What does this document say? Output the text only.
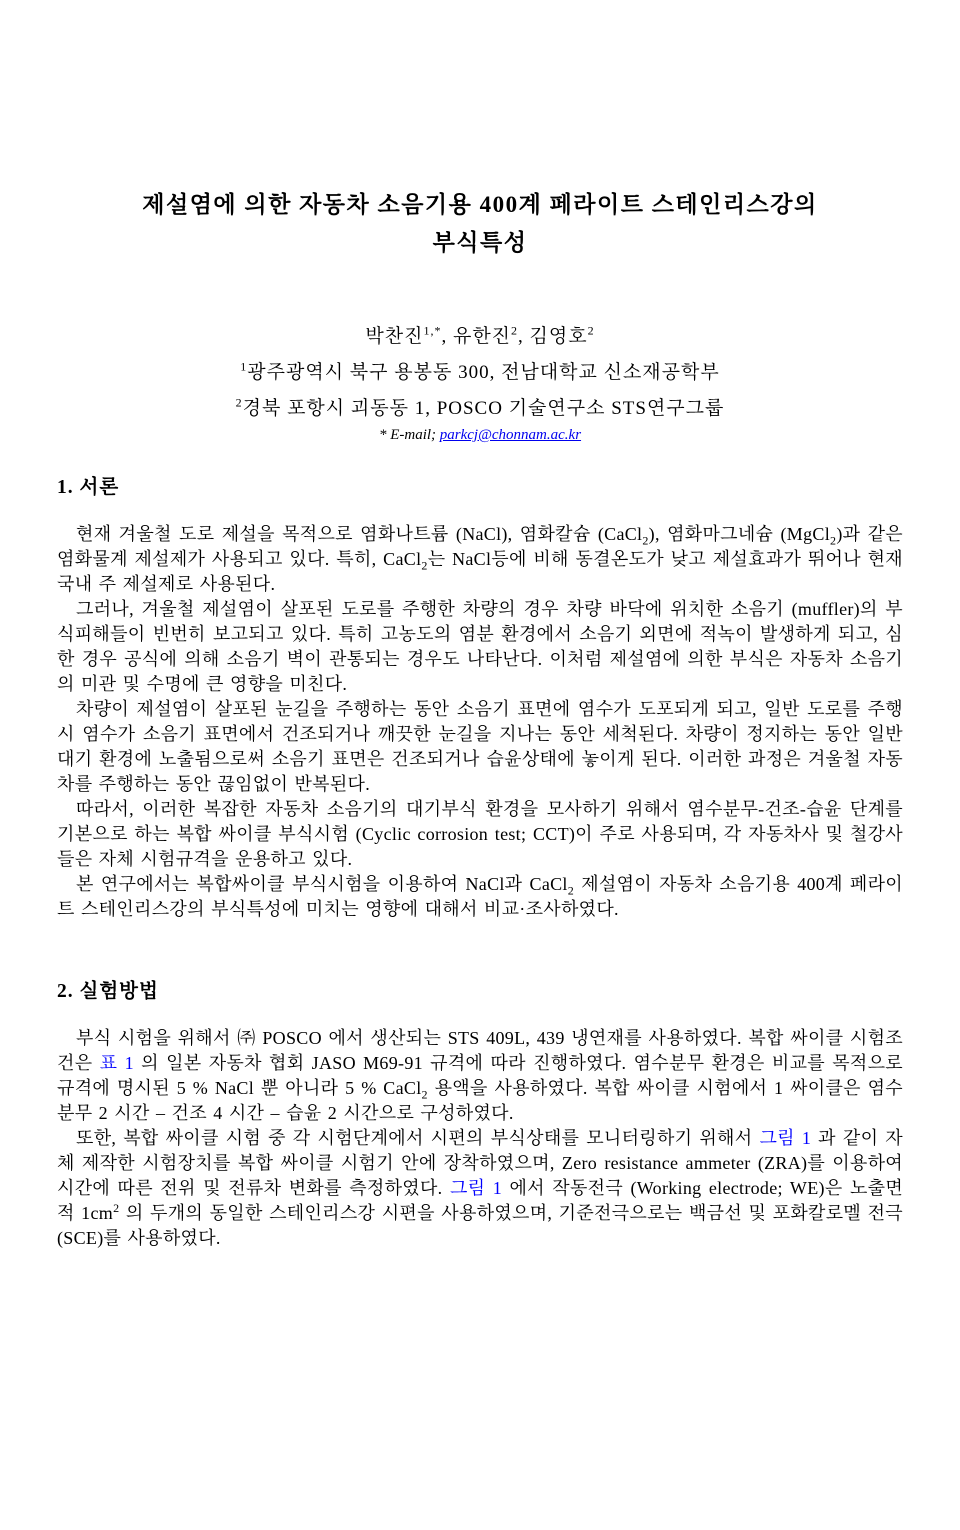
제설염에 의한 자동차 소음기용 400계 페라이트 스테인리스강의
부식특성

박찬진$^{1,*}$, 유한진$^2$, 김영호$^2$

$^1$광주광역시 북구 용봉동 300, 전남대학교 신소재공학부

$^2$경북 포항시 괴동동 1, POSCO 기술연구소 STS연구그룹

* E-mail; parkcj@chonnam.ac.kr

1. 서론

현재 겨울철 도로 제설을 목적으로 염화나트륨 (NaCl), 염화칼슘 (CaCl$_2$), 염화마그네슘 (MgCl$_2$)과 같은 염화물계 제설제가 사용되고 있다. 특히, CaCl$_2$는 NaCl등에 비해 동결온도가 낮고 제설효과가 뛰어나 현재 국내 주 제설제로 사용된다.

그러나, 겨울철 제설염이 살포된 도로를 주행한 차량의 경우 차량 바닥에 위치한 소음기 (muffler)의 부식피해들이 빈번히 보고되고 있다. 특히 고농도의 염분 환경에서 소음기 외면에 적녹이 발생하게 되고, 심한 경우 공식에 의해 소음기 벽이 관통되는 경우도 나타난다. 이처럼 제설염에 의한 부식은 자동차 소음기의 미관 및 수명에 큰 영향을 미친다.

차량이 제설염이 살포된 눈길을 주행하는 동안 소음기 표면에 염수가 도포되게 되고, 일반 도로를 주행시 염수가 소음기 표면에서 건조되거나 깨끗한 눈길을 지나는 동안 세척된다. 차량이 정지하는 동안 일반 대기 환경에 노출됨으로써 소음기 표면은 건조되거나 습윤상태에 놓이게 된다. 이러한 과정은 겨울철 자동차를 주행하는 동안 끊임없이 반복된다.

따라서, 이러한 복잡한 자동차 소음기의 대기부식 환경을 모사하기 위해서 염수분무-건조-습윤 단계를 기본으로 하는 복합 싸이클 부식시험 (Cyclic corrosion test; CCT)이 주로 사용되며, 각 자동차사 및 철강사 들은 자체 시험규격을 운용하고 있다.

본 연구에서는 복합싸이클 부식시험을 이용하여 NaCl과 CaCl$_2$ 제설염이 자동차 소음기용 400계 페라이트 스테인리스강의 부식특성에 미치는 영향에 대해서 비교·조사하였다.

2. 실험방법

부식 시험을 위해서 ㈜ POSCO 에서 생산되는 STS 409L, 439 냉연재를 사용하였다. 복합 싸이클 시험조건은 표 1 의 일본 자동차 협회 JASO M69-91 규격에 따라 진행하였다. 염수분무 환경은 비교를 목적으로 규격에 명시된 5 % NaCl 뿐 아니라 5 % CaCl$_2$ 용액을 사용하였다. 복합 싸이클 시험에서 1 싸이클은 염수분무 2 시간 – 건조 4 시간 – 습윤 2 시간으로 구성하였다.

또한, 복합 싸이클 시험 중 각 시험단계에서 시편의 부식상태를 모니터링하기 위해서 그림 1 과 같이 자체 제작한 시험장치를 복합 싸이클 시험기 안에 장착하였으며, Zero resistance ammeter (ZRA)를 이용하여 시간에 따른 전위 및 전류차 변화를 측정하였다. 그림 1 에서 작동전극 (Working electrode; WE)은 노출면적 $1cm^2$ 의 두개의 동일한 스테인리스강 시편을 사용하였으며, 기준전극으로는 백금선 및 포화칼로멜 전극 (SCE)를 사용하였다.
